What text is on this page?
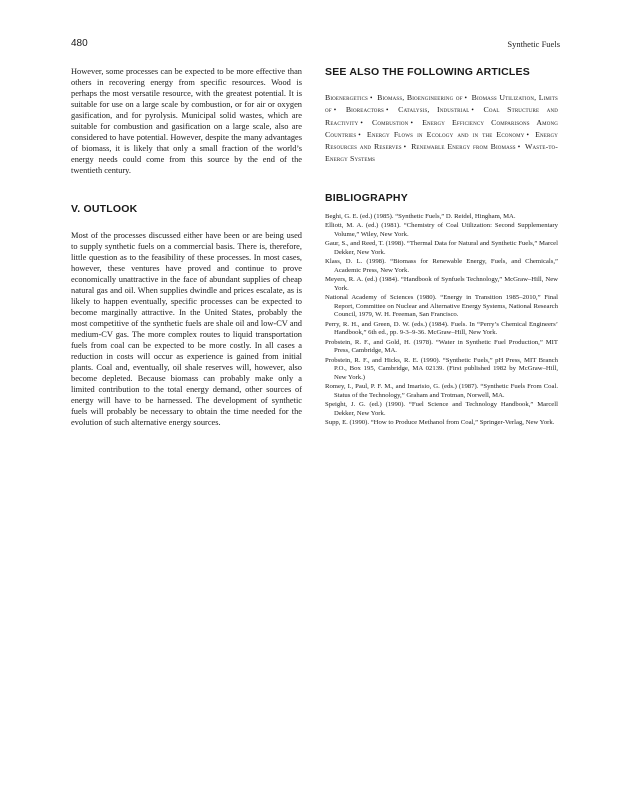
480	Synthetic Fuels

However, some processes can be expected to be more effective than others in recovering energy from specific resources. Wood is perhaps the most versatile resource, with the greatest potential. It is suitable for use on a large scale by combustion, or for air or oxygen gasification, and for pyrolysis. Municipal solid wastes, which are suitable for combustion and gasification on a large scale, also are considered to have potential. However, despite the many advantages of biomass, it is likely that only a small fraction of the world’s energy needs could come from this source by the end of the twentieth century.

V. OUTLOOK

Most of the processes discussed either have been or are being used to supply synthetic fuels on a commercial basis. There is, therefore, little question as to the feasibility of these processes. In most cases, however, these ventures have proved and continue to prove economically unattractive in the face of abundant supplies of cheap natural gas and oil. When supplies dwindle and prices escalate, as is likely to happen eventually, specific processes can be expected to become marginally attractive. In the United States, probably the most competitive of the synthetic fuels are shale oil and low-CV and medium-CV gas. The more complex routes to liquid transportation fuels from coal can be expected to be more costly. In all cases a reduction in costs will occur as experience is gained from initial plants. Coal and, eventually, oil shale reserves will, however, also become depleted. Because biomass can probably make only a limited contribution to the total energy demand, other sources of energy will have to be harnessed. The development of synthetic fuels will probably be necessary to obtain the time needed for the evolution of such alternative energy sources.

SEE ALSO THE FOLLOWING ARTICLES

Bioenergetics • Biomass, Bioengineering of • Biomass Utilization, Limits of • Bioreactors • Catalysis, Industrial • Coal Structure and Reactivity • Combustion • Energy Efficiency Comparisons Among Countries • Energy Flows in Ecology and in the Economy • Energy Resources and Reserves • Renewable Energy from Biomass • Waste-to-Energy Systems

BIBLIOGRAPHY
Beghi, G. E. (ed.) (1985). “Synthetic Fuels,” D. Reidel, Hingham, MA.
Elliott, M. A. (ed.) (1981). “Chemistry of Coal Utilization: Second Supplementary Volume,” Wiley, New York.
Gaur, S., and Reed, T. (1998). “Thermal Data for Natural and Synthetic Fuels,” Marcel Dekker, New York.
Klass, D. L. (1998). “Biomass for Renewable Energy, Fuels, and Chemicals,” Academic Press, New York.
Meyers, R. A. (ed.) (1984). “Handbook of Synfuels Technology,” McGraw–Hill, New York.
National Academy of Sciences (1980). “Energy in Transition 1985–2010,” Final Report, Committee on Nuclear and Alternative Energy Systems, National Research Council, 1979, W. H. Freeman, San Francisco.
Perry, R. H., and Green, D. W. (eds.) (1984). Fuels. In “Perry’s Chemical Engineers’ Handbook,” 6th ed., pp. 9-3–9-36. McGraw–Hill, New York.
Probstein, R. F., and Gold, H. (1978). “Water in Synthetic Fuel Production,” MIT Press, Cambridge, MA.
Probstein, R. F., and Hicks, R. E. (1990). “Synthetic Fuels,” pH Press, MIT Branch P.O., Box 195, Cambridge, MA 02139. (First published 1982 by McGraw–Hill, New York.)
Romey, I., Paul, P. F. M., and Imarisio, G. (eds.) (1987). “Synthetic Fuels From Coal. Status of the Technology,” Graham and Trotman, Norwell, MA.
Speight, J. G. (ed.) (1990). “Fuel Science and Technology Handbook,” Marcell Dekker, New York.
Supp, E. (1990). “How to Produce Methanol from Coal,” Springer-Verlag, New York.
